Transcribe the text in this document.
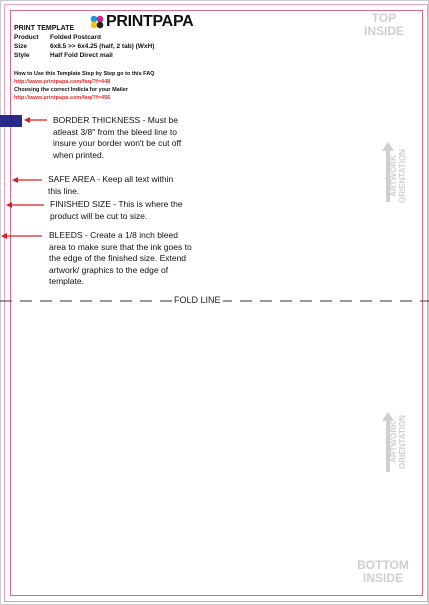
PRINTPAPA
PRINT TEMPLATE
Product Folded Postcard
Size	6x8.5 >> 6x4.25 (half, 2 tab) (WxH)
Style	Half Fold Direct mail
How to Use this Template Step by Step go to this FAQ
http://www.printpapa.com/faq/?f=448
Choosing the correct Indicia for your Mailer
http://www.printpapa.com/faq/?f=456
TOP
INSIDE
BOTTOM
INSIDE
ARTWORK ORIENTATION
ARTWORK ORIENTATION
BORDER THICKNESS - Must be atleast 3/8" from the bleed line to insure your border won't be cut off when printed.
SAFE AREA - Keep all text within this line.
FINISHED SIZE - This is where the product will be cut to size.
BLEEDS - Create a 1/8 inch bleed area to make sure that the ink goes to the edge of the finished size. Extend artwork/ graphics to the edge of template.
FOLD LINE
